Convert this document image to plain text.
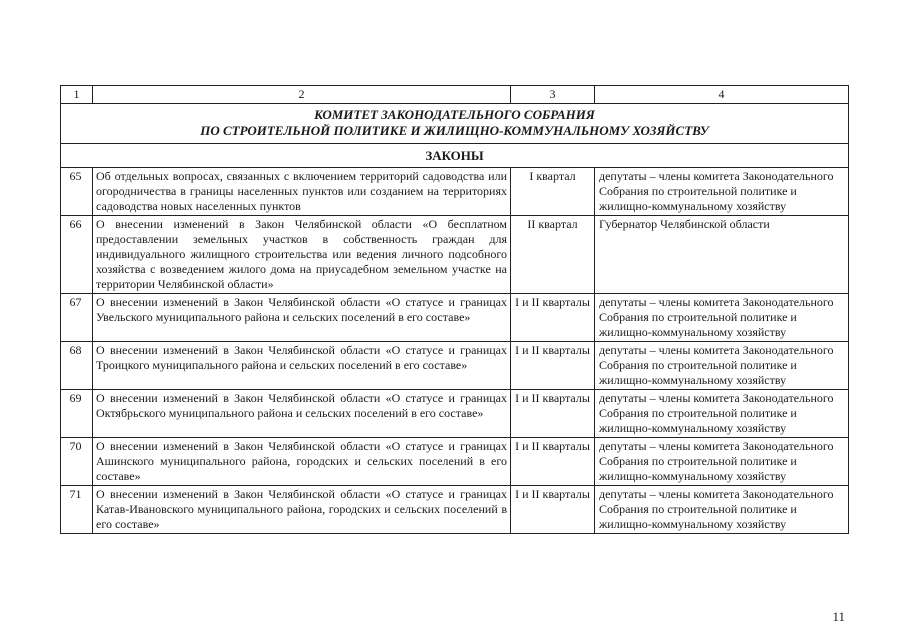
1	2	3	4

КОМИТЕТ ЗАКОНОДАТЕЛЬНОГО СОБРАНИЯ
ПО СТРОИТЕЛЬНОЙ ПОЛИТИКЕ И ЖИЛИЩНО-КОММУНАЛЬНОМУ ХОЗЯЙСТВУ			

ЗАКОНЫ			
65	Об отдельных вопросах, связанных с включением территорий садоводства или огородничества в границы населенных пунктов или созданием на территориях садоводства новых населенных пунктов	I квартал	депутаты – члены комитета Законодательного Собрания по строительной политике и жилищно-коммунальному хозяйству
66	О внесении изменений в Закон Челябинской области «О бесплатном предоставлении земельных участков в собственность граждан для индивидуального жилищного строительства или ведения личного подсобного хозяйства с возведением жилого дома на приусадебном земельном участке на территории Челябинской области»	II квартал	Губернатор Челябинской области
67	О внесении изменений в Закон Челябинской области «О статусе и границах Увельского муниципального района и сельских поселений в его составе»	I и II кварталы	депутаты – члены комитета Законодательного Собрания по строительной политике и жилищно-коммунальному хозяйству
68	О внесении изменений в Закон Челябинской области «О статусе и границах Троицкого муниципального района и сельских поселений в его составе»	I и II кварталы	депутаты – члены комитета Законодательного Собрания по строительной политике и жилищно-коммунальному хозяйству
69	О внесении изменений в Закон Челябинской области «О статусе и границах Октябрьского муниципального района и сельских поселений в его составе»	I и II кварталы	депутаты – члены комитета Законодательного Собрания по строительной политике и жилищно-коммунальному хозяйству
70	О внесении изменений в Закон Челябинской области «О статусе и границах Ашинского муниципального района, городских и сельских поселений в его составе»	I и II кварталы	депутаты – члены комитета Законодательного Собрания по строительной политике и жилищно-коммунальному хозяйству
71	О внесении изменений в Закон Челябинской области «О статусе и границах Катав-Ивановского муниципального района, городских и сельских поселений в его составе»	I и II кварталы	депутаты – члены комитета Законодательного Собрания по строительной политике и жилищно-коммунальному хозяйству
11
